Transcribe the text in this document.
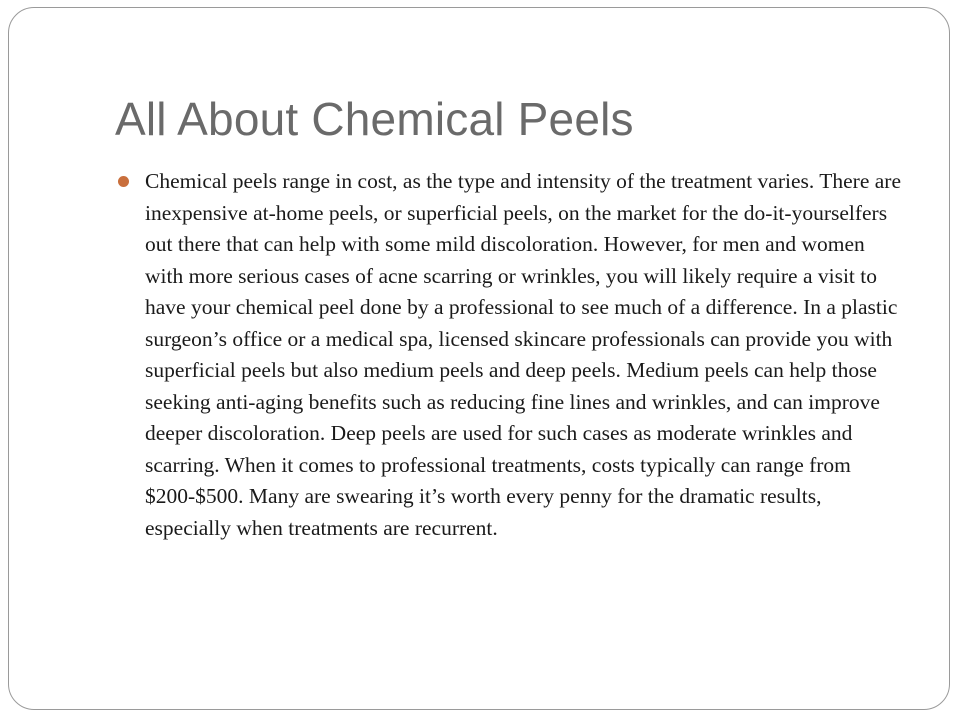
All About Chemical Peels
Chemical peels range in cost, as the type and intensity of the treatment varies. There are inexpensive at-home peels, or superficial peels, on the market for the do-it-yourselfers out there that can help with some mild discoloration. However, for men and women with more serious cases of acne scarring or wrinkles, you will likely require a visit to have your chemical peel done by a professional to see much of a difference. In a plastic surgeon’s office or a medical spa, licensed skincare professionals can provide you with superficial peels but also medium peels and deep peels. Medium peels can help those seeking anti-aging benefits such as reducing fine lines and wrinkles, and can improve deeper discoloration. Deep peels are used for such cases as moderate wrinkles and scarring. When it comes to professional treatments, costs typically can range from $200-$500. Many are swearing it’s worth every penny for the dramatic results, especially when treatments are recurrent.
